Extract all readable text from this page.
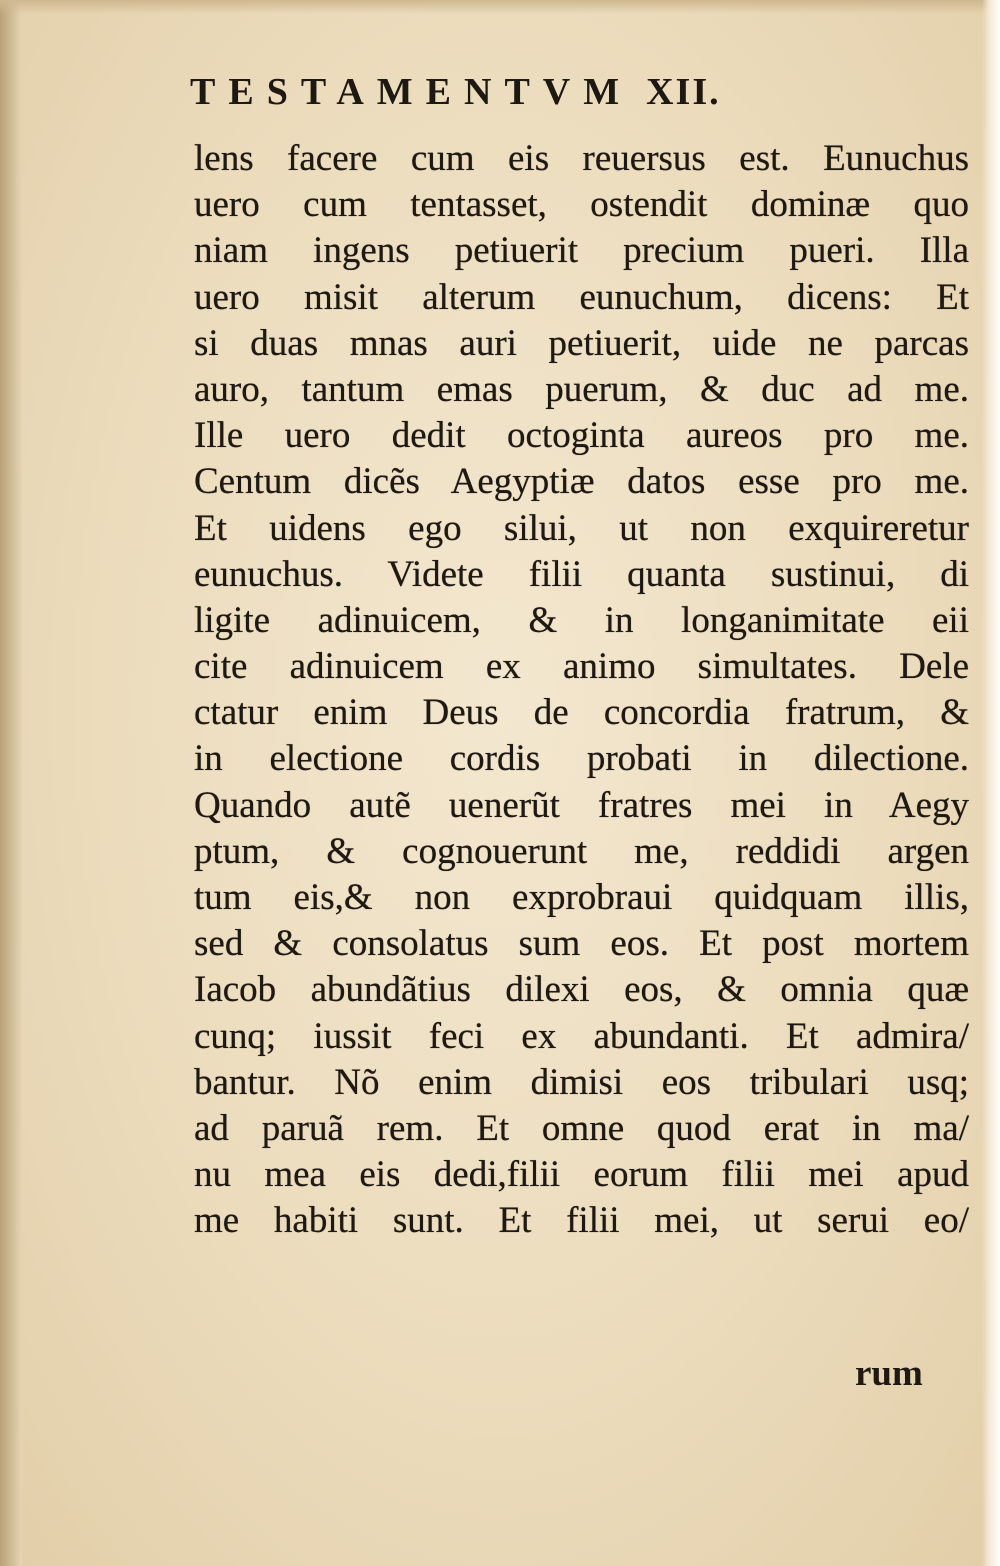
TESTAMENTVM XII.
lens facere cum eis reuersus est. Eunuchus
uero cum tentasset, ostendit dominæ quo
niam ingens petiuerit precium pueri. Illa
uero misit alterum eunuchum, dicens: Et
si duas mnas auri petiuerit, uide ne parcas
auro, tantum emas puerum, & duc ad me.
Ille uero dedit octoginta aureos pro me.
Centum dicẽs Aegyptiæ datos esse pro me.
Et uidens ego silui, ut non exquireretur
eunuchus. Videte filii quanta sustinui, di
ligite adinuicem, & in longanimitate eii
cite adinuicem ex animo simultates. Dele
ctatur enim Deus de concordia fratrum, &
in electione cordis probati in dilectione.
Quando autẽ uenerũt fratres mei in Aegy
ptum, & cognouerunt me, reddidi argen
tum eis,& non exprobraui quidquam illis,
sed & consolatus sum eos. Et post mortem
Iacob abundãtius dilexi eos, & omnia quæ
cunq; iussit feci ex abundanti. Et admira/
bantur. Nõ enim dimisi eos tribulari usq;
ad paruã rem. Et omne quod erat in ma/
nu mea eis dedi,filii eorum filii mei apud
me habiti sunt. Et filii mei, ut serui eo/
rum
